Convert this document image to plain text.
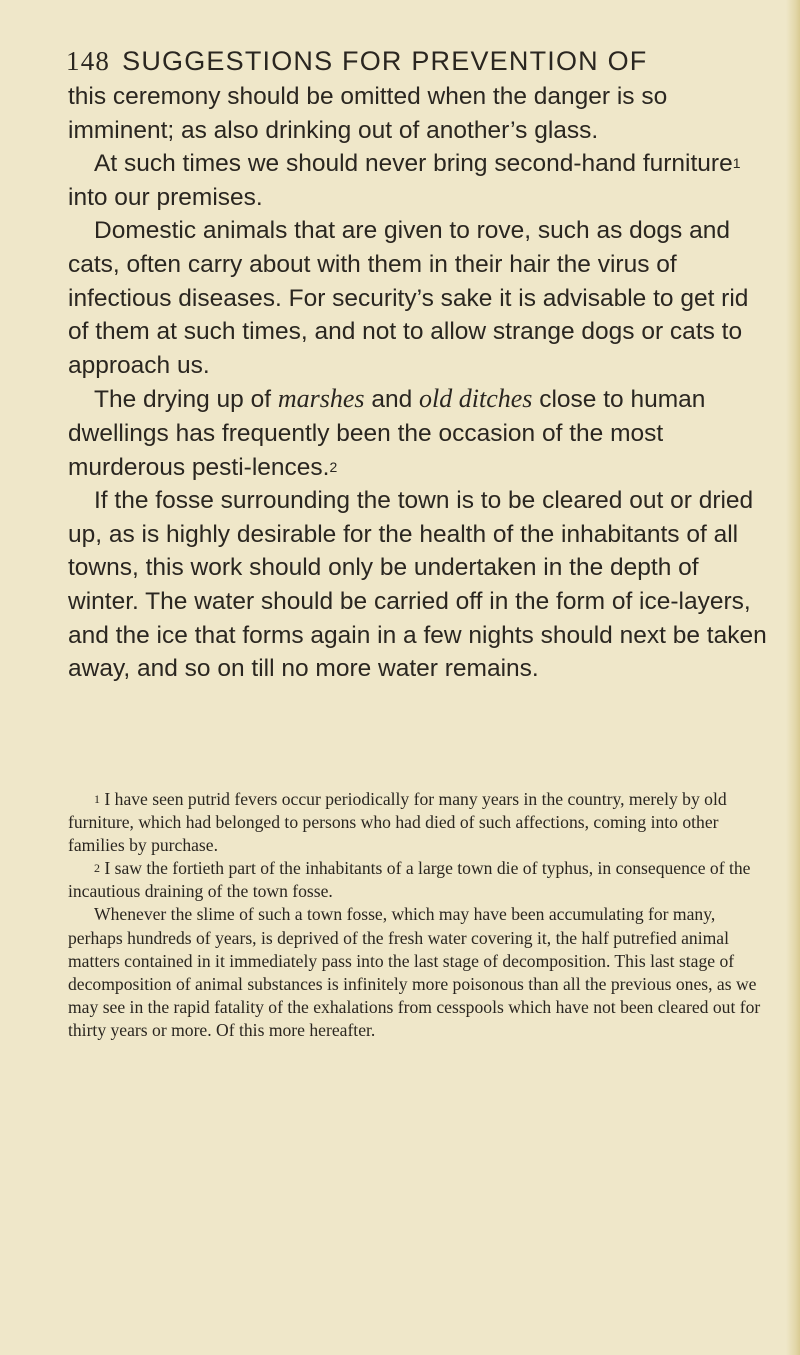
148 SUGGESTIONS FOR PREVENTION OF

this ceremony should be omitted when the danger is so imminent; as also drinking out of another’s glass.

At such times we should never bring second-hand furniture$^1$ into our premises.

Domestic animals that are given to rove, such as dogs and cats, often carry about with them in their hair the virus of infectious diseases. For security’s sake it is advisable to get rid of them at such times, and not to allow strange dogs or cats to approach us.

The drying up of marshes and old ditches close to human dwellings has frequently been the occasion of the most murderous pesti-lences.$^2$

If the fosse surrounding the town is to be cleared out or dried up, as is highly desirable for the health of the inhabitants of all towns, this work should only be undertaken in the depth of winter. The water should be carried off in the form of ice-layers, and the ice that forms again in a few nights should next be taken away, and so on till no more water remains.

$^1$ I have seen putrid fevers occur periodically for many years in the country, merely by old furniture, which had belonged to persons who had died of such affections, coming into other families by purchase.

$^2$ I saw the fortieth part of the inhabitants of a large town die of typhus, in consequence of the incautious draining of the town fosse.

Whenever the slime of such a town fosse, which may have been accumulating for many, perhaps hundreds of years, is deprived of the fresh water covering it, the half putrefied animal matters contained in it immediately pass into the last stage of decomposition. This last stage of decomposition of animal substances is infinitely more poisonous than all the previous ones, as we may see in the rapid fatality of the exhalations from cesspools which have not been cleared out for thirty years or more. Of this more hereafter.
